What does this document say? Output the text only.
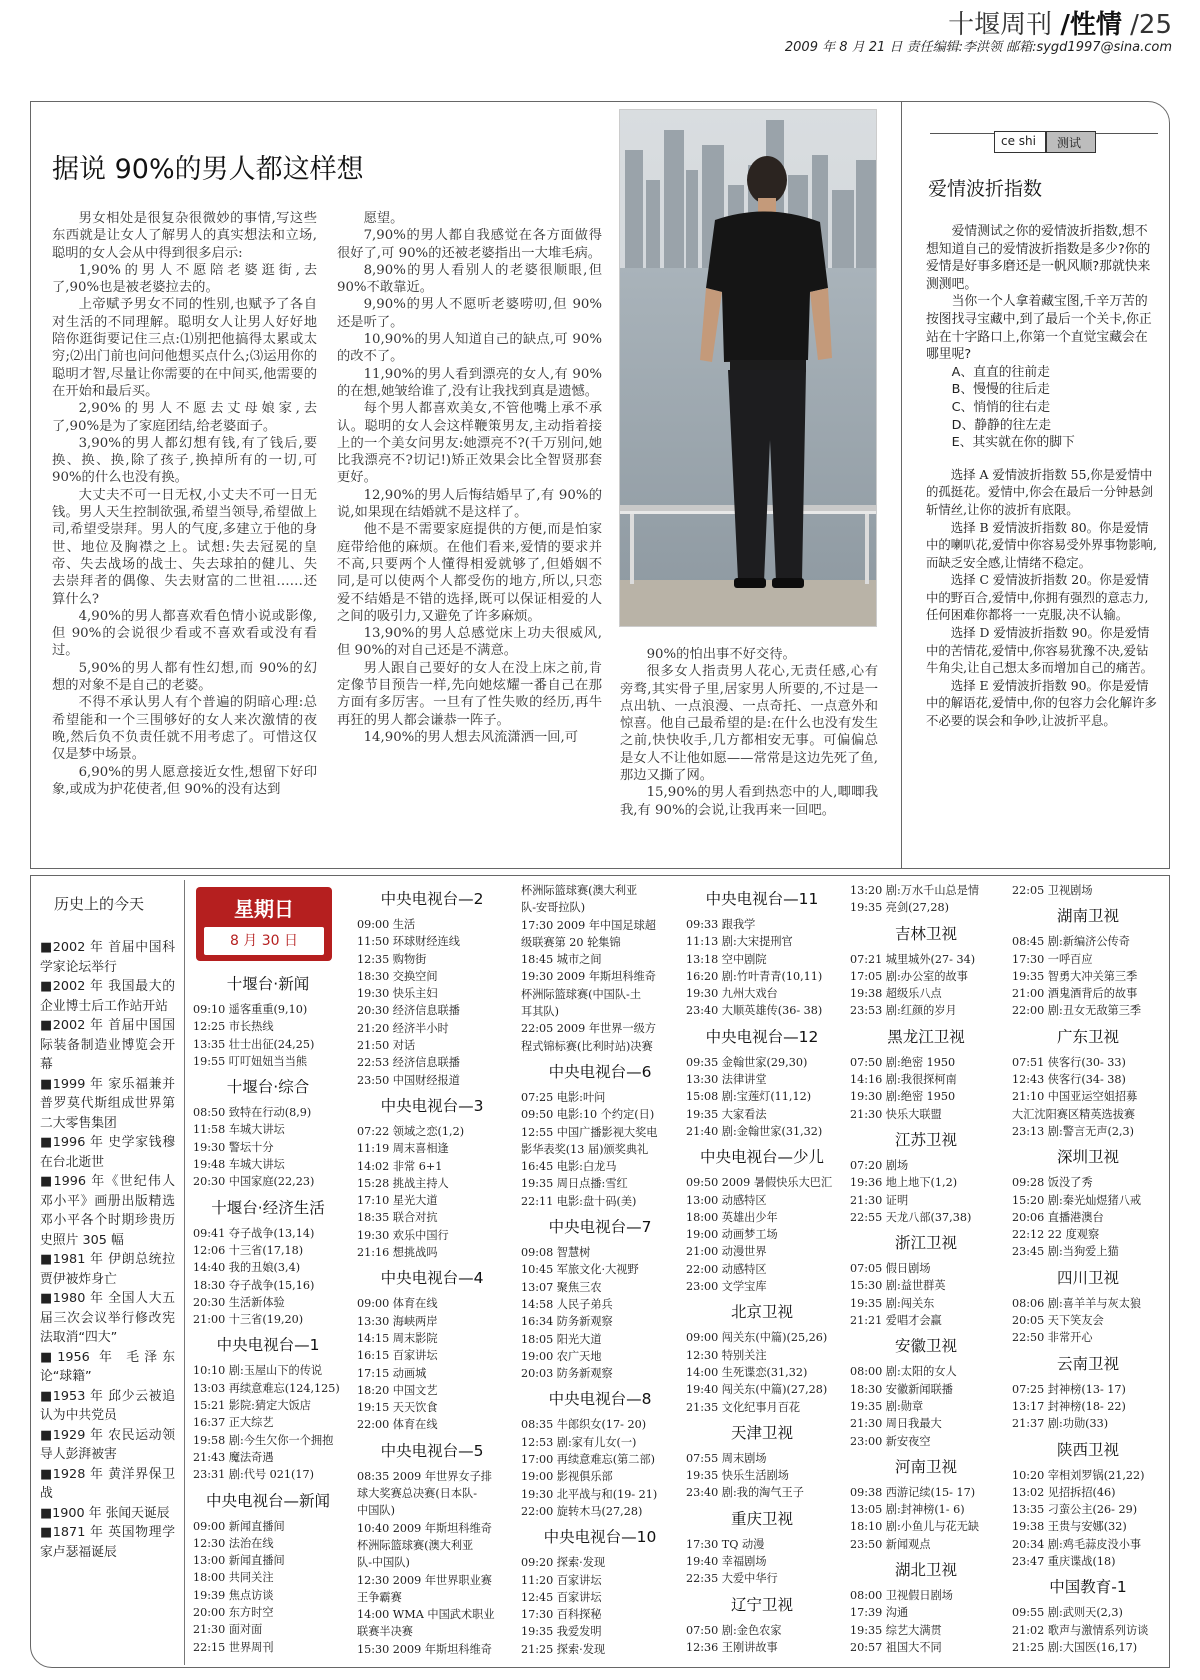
十堰周刊 /性情 /25
2009 年 8 月 21 日 责任编辑:李洪领 邮箱:sygd1997@sina.com
据说 90%的男人都这样想

男女相处是很复杂很微妙的事情,写这些东西就是让女人了解男人的真实想法和立场,聪明的女人会从中得到很多启示:

1,90%的男人不愿陪老婆逛街,去了,90%也是被老婆拉去的。

上帝赋予男女不同的性别,也赋予了各自对生活的不同理解。聪明女人让男人好好地陪你逛街要记住三点:⑴别把他搞得太累或太穷;⑵出门前也问问他想买点什么;⑶运用你的聪明才智,尽量让你需要的在中间买,他需要的在开始和最后买。

2,90%的男人不愿去丈母娘家,去了,90%是为了家庭团结,给老婆面子。

3,90%的男人都幻想有钱,有了钱后,要换、换、换,除了孩子,换掉所有的一切,可 90%的什么也没有换。

大丈夫不可一日无权,小丈夫不可一日无钱。男人天生控制欲强,希望当领导,希望做上司,希望受崇拜。男人的气度,多建立于他的身世、地位及胸襟之上。试想:失去冠冕的皇帝、失去战场的战士、失去球拍的健儿、失去崇拜者的偶像、失去财富的二世祖……还算什么?

4,90%的男人都喜欢看色情小说或影像,但 90%的会说很少看或不喜欢看或没有看过。

5,90%的男人都有性幻想,而 90%的幻想的对象不是自己的老婆。

不得不承认男人有个普遍的阴暗心理:总希望能和一个三围够好的女人来次激情的夜晚,然后负不负责任就不用考虑了。可惜这仅仅是梦中场景。

6,90%的男人愿意接近女性,想留下好印象,或成为护花使者,但 90%的没有达到

愿望。

7,90%的男人都自我感觉在各方面做得很好了,可 90%的还被老婆指出一大堆毛病。

8,90%的男人看别人的老婆很顺眼,但 90%不敢靠近。

9,90%的男人不愿听老婆唠叨,但 90%还是听了。

10,90%的男人知道自己的缺点,可 90%的改不了。

11,90%的男人看到漂亮的女人,有 90%的在想,她皱给谁了,没有让我找到真是遗憾。

每个男人都喜欢美女,不管他嘴上承不承认。聪明的女人会这样鞭策男友,主动指着接上的一个美女问男友:她漂亮不?(千万别问,她比我漂亮不?切记!)矫正效果会比全智贤那套更好。

12,90%的男人后悔结婚早了,有 90%的说,如果现在结婚就不是这样了。

他不是不需要家庭提供的方便,而是怕家庭带给他的麻烦。在他们看来,爱情的要求并不高,只要两个人懂得相爱就够了,但婚姻不同,是可以使两个人都受伤的地方,所以,只恋爱不结婚是不错的选择,既可以保证相爱的人之间的吸引力,又避免了许多麻烦。

13,90%的男人总感觉床上功夫很威风,但 90%的对自己还是不满意。

男人跟自己要好的女人在没上床之前,肯定像节目预告一样,先向她炫耀一番自己在那方面有多厉害。一旦有了性失败的经历,再牛再狂的男人都会谦恭一阵子。

14,90%的男人想去风流潇洒一回,可

90%的怕出事不好交待。

很多女人指责男人花心,无责任感,心有旁骛,其实骨子里,居家男人所要的,不过是一点出轨、一点浪漫、一点奇托、一点意外和惊喜。他自己最希望的是:在什么也没有发生之前,快快收手,几方都相安无事。可偏偏总是女人不让他如愿——常常是这边先死了鱼,那边又撕了网。

15,90%的男人看到热恋中的人,唧唧我我,有 90%的会说,让我再来一回吧。

ce shi	测试
爱情波折指数

爱情测试之你的爱情波折指数,想不想知道自己的爱情波折指数是多少?你的爱情是好事多磨还是一帆风顺?那就快来测测吧。

当你一个人拿着藏宝图,千辛万苦的按图找寻宝藏中,到了最后一个关卡,你正站在十字路口上,你第一个直觉宝藏会在哪里呢?

A、直直的往前走
B、慢慢的往后走
C、悄悄的往右走
D、静静的往左走
E、其实就在你的脚下
选择 A 爱情波折指数 55,你是爱情中的孤挺花。爱情中,你会在最后一分钟悬剑斩情丝,让你的波折有底限。
选择 B 爱情波折指数 80。你是爱情中的喇叭花,爱情中你容易受外界事物影响,而缺乏安全感,让情绪不稳定。
选择 C 爱情波折指数 20。你是爱情中的野百合,爱情中,你拥有强烈的意志力,任何困难你都将一一克服,决不认输。
选择 D 爱情波折指数 90。你是爱情中的苦情花,爱情中,你容易犹豫不决,爱钻牛角尖,让自己想太多而增加自己的痛苦。
选择 E 爱情波折指数 90。你是爱情中的解语花,爱情中,你的包容力会化解许多不必要的误会和争吵,让波折平息。
历史上的今天
■2002 年 首届中国科学家论坛举行
■2002 年 我国最大的企业博士后工作站开站
■2002 年 首届中国国际装备制造业博览会开幕
■1999 年 家乐福兼并普罗莫代斯组成世界第二大零售集团
■1996 年 史学家钱穆在台北逝世
■1996 年《世纪伟人邓小平》画册出版精选邓小平各个时期珍贵历史照片 305 幅
■1981 年 伊朗总统拉贾伊被炸身亡
■1980 年 全国人大五届三次会议举行修改宪法取消“四大”
■1956 年 毛泽东论“球籍”
■1953 年 邱少云被追认为中共党员
■1929 年 农民运动领导人彭湃被害
■1928 年 黄洋界保卫战
■1900 年 张闻天诞辰
■1871 年 英国物理学家卢瑟福诞辰
星期日
8 月 30 日
十堰台·新闻
09:10 遥客重重(9,10)
12:25 市长热线
13:35 壮士出征(24,25)
19:55 叮叮妞妞当当熊
十堰台·综合
08:50 致特在行动(8,9)
11:58 车城大讲坛
19:30 警坛十分
19:48 车城大讲坛
20:30 中国家庭(22,23)
十堰台·经济生活
09:41 夺子战争(13,14)
12:06 十三省(17,18)
14:40 我的丑娘(3,4)
18:30 夺子战争(15,16)
20:30 生活新体验
21:00 十三省(19,20)
中央电视台—1
10:10 剧:玉屋山下的传说
13:03 再续意难忘(124,125)
15:21 影院:猜定大饭店
16:37 正大综艺
19:58 剧:今生欠你一个拥抱
21:43 魔法奇遇
23:31 剧:代号 021(17)
中央电视台—新闻
09:00 新闻直播间
12:30 法治在线
13:00 新闻直播间
18:00 共同关注
19:39 焦点访谈
20:00 东方时空
21:30 面对面
22:15 世界周刊
中央电视台—2
09:00 生活
11:50 环球财经连线
12:35 购物街
18:30 交换空间
19:30 快乐主妇
20:30 经济信息联播
21:20 经济半小时
21:50 对话
22:53 经济信息联播
23:50 中国财经报道
中央电视台—3
07:22 领域之恋(1,2)
11:19 周末喜相逢
14:02 非常 6+1
15:28 挑战主持人
17:10 星光大道
18:35 联合对抗
19:30 欢乐中国行
21:16 想挑战吗
中央电视台—4
09:00 体育在线
13:30 海峡两岸
14:15 周末影院
16:15 百家讲坛
17:15 动画城
18:20 中国文艺
19:15 天天饮食
22:00 体育在线
中央电视台—5
08:35 2009 年世界女子排
球大奖赛总决赛(日本队-
中国队)
10:40 2009 年斯坦科维奇
杯洲际篮球赛(澳大利亚
队-中国队)
12:30 2009 年世界职业赛
王争霸赛
14:00 WMA 中国武术职业
联赛半决赛
15:30 2009 年斯坦科维奇
杯洲际篮球赛(澳大利亚
队-安哥拉队)
17:30 2009 年中国足球超
级联赛第 20 轮集锦
18:45 城市之间
19:30 2009 年斯坦科维奇
杯洲际篮球赛(中国队-土
耳其队)
22:05 2009 年世界一级方
程式锦标赛(比利时站)决赛
中央电视台—6
07:25 电影:叶问
09:50 电影:10 个约定(日)
12:55 中国广播影视大奖电
影华表奖(13 届)颁奖典礼
16:45 电影:白龙马
19:35 周日点播:雪红
22:11 电影:盘十码(美)
中央电视台—7
09:08 智慧树
10:45 军旅文化·大视野
13:07 聚焦三农
14:58 人民子弟兵
16:34 防务新观察
18:05 阳光大道
19:00 农广天地
20:03 防务新观察
中央电视台—8
08:35 牛郎织女(17- 20)
12:53 剧:家有儿女(一)
17:00 再续意难忘(第二部)
19:00 影视俱乐部
19:30 北平战与和(19- 21)
22:00 旋转木马(27,28)
中央电视台—10
09:20 探索·发现
11:20 百家讲坛
12:45 百家讲坛
17:30 百科探秘
19:35 我爱发明
21:25 探索·发现
中央电视台—11
09:33 跟我学
11:13 剧:大宋提刑官
13:18 空中剧院
16:20 剧:竹叶青青(10,11)
19:30 九州大戏台
23:40 大顺英雄传(36- 38)
中央电视台—12
09:35 金翰世家(29,30)
13:30 法律讲堂
15:08 剧:宝莲灯(11,12)
19:35 大家看法
21:40 剧:金翰世家(31,32)
中央电视台—少儿
09:50 2009 暑假快乐大巴汇
13:00 动感特区
18:00 英雄出少年
19:00 动画梦工场
21:00 动漫世界
22:00 动感特区
23:00 文学宝库
北京卫视
09:00 闯关东(中篇)(25,26)
12:30 特别关注
14:00 生死谍恋(31,32)
19:40 闯关东(中篇)(27,28)
21:35 文化纪事月百花
天津卫视
07:55 周末剧场
19:35 快乐生活剧场
23:40 剧:我的淘气王子
重庆卫视
17:30 TQ 动漫
19:40 幸福剧场
22:35 大爱中华行
辽宁卫视
07:50 剧:金色农家
12:36 王刚讲故事
13:20 剧:万水千山总是情
19:35 亮剑(27,28)
吉林卫视
07:21 城里城外(27- 34)
17:05 剧:办公室的故事
19:38 超级乐八点
23:53 剧:红颜的岁月
黑龙江卫视
07:50 剧:绝密 1950
14:16 剧:我很探柯南
19:30 剧:绝密 1950
21:30 快乐大联盟
江苏卫视
07:20 剧场
19:36 地上地下(1,2)
21:30 证明
22:55 天龙八部(37,38)
浙江卫视
07:05 假日剧场
15:30 剧:益世群英
19:35 剧:闯关东
21:21 爱唱才会赢
安徽卫视
08:00 剧:太阳的女人
18:30 安徽新闻联播
19:35 剧:勋章
21:30 周日我最大
23:00 新安夜空
河南卫视
09:38 西游记续(15- 17)
13:05 剧:封神榜(1- 6)
18:10 剧:小鱼儿与花无缺
23:50 新闻观点
湖北卫视
08:00 卫视假日剧场
17:39 沟通
19:35 综艺大满贯
20:57 祖国大不同
22:05 卫视剧场
湖南卫视
08:45 剧:新编济公传奇
17:30 一呼百应
19:35 智勇大冲关第三季
21:00 酒鬼酒背后的故事
22:00 剧:丑女无敌第三季
广东卫视
07:51 侠客行(30- 33)
12:43 侠客行(34- 38)
21:10 中国亚运空姐招募
大汇沈阳赛区精英选拔赛
23:13 剧:警言无声(2,3)
深圳卫视
09:28 饭没了秀
15:20 剧:秦光灿煜猪八戒
20:06 直播港澳台
22:12 22 度观察
23:45 剧:当狗爱上猫
四川卫视
08:06 剧:喜羊羊与灰太狼
20:05 天下笑友会
22:50 非常开心
云南卫视
07:25 封神榜(13- 17)
13:17 封神榜(18- 22)
21:37 剧:功勋(33)
陕西卫视
10:20 宰相刘罗锅(21,22)
13:02 见招拆招(46)
13:35 刁蛮公主(26- 29)
19:38 王贵与安娜(32)
20:34 剧:鸡毛蒜皮没小事
23:47 重庆谍战(18)
中国教育-1
09:55 剧:武则天(2,3)
21:02 歌声与激情系列访谈
21:25 剧:大国医(16,17)
